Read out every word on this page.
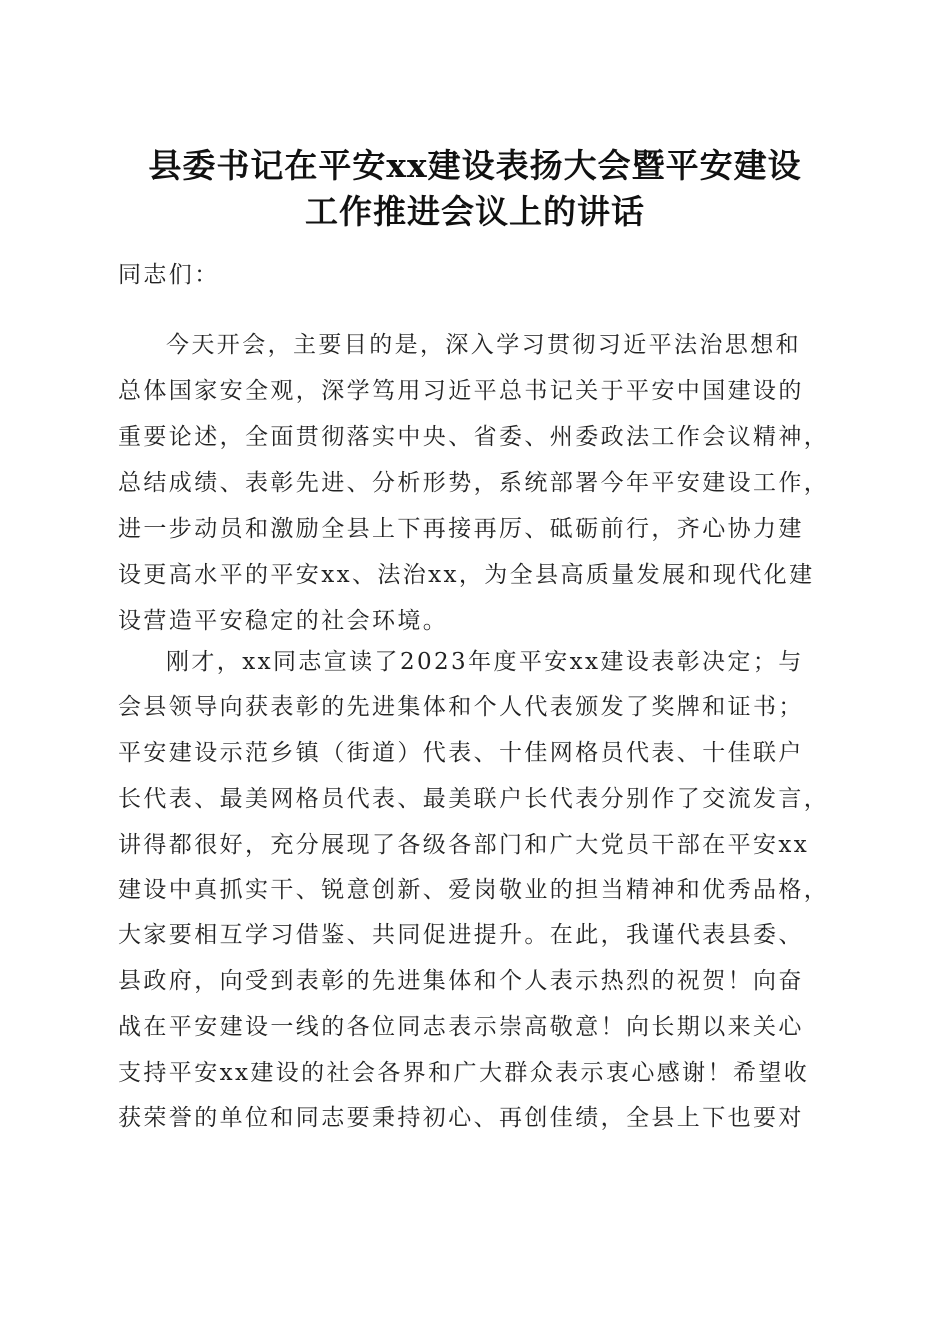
县委书记在平安xx建设表扬大会暨平安建设
工作推进会议上的讲话
同志们：
今天开会，主要目的是，深入学习贯彻习近平法治思想和
总体国家安全观，深学笃用习近平总书记关于平安中国建设的
重要论述，全面贯彻落实中央、省委、州委政法工作会议精神，
总结成绩、表彰先进、分析形势，系统部署今年平安建设工作，
进一步动员和激励全县上下再接再厉、砥砺前行，齐心协力建
设更高水平的平安xx、法治xx，为全县高质量发展和现代化建
设营造平安稳定的社会环境。
刚才，xx同志宣读了2023年度平安xx建设表彰决定；与
会县领导向获表彰的先进集体和个人代表颁发了奖牌和证书；
平安建设示范乡镇（街道）代表、十佳网格员代表、十佳联户
长代表、最美网格员代表、最美联户长代表分别作了交流发言，
讲得都很好，充分展现了各级各部门和广大党员干部在平安xx
建设中真抓实干、锐意创新、爱岗敬业的担当精神和优秀品格，
大家要相互学习借鉴、共同促进提升。在此，我谨代表县委、
县政府，向受到表彰的先进集体和个人表示热烈的祝贺！向奋
战在平安建设一线的各位同志表示崇高敬意！向长期以来关心
支持平安xx建设的社会各界和广大群众表示衷心感谢！希望收
获荣誉的单位和同志要秉持初心、再创佳绩，全县上下也要对
